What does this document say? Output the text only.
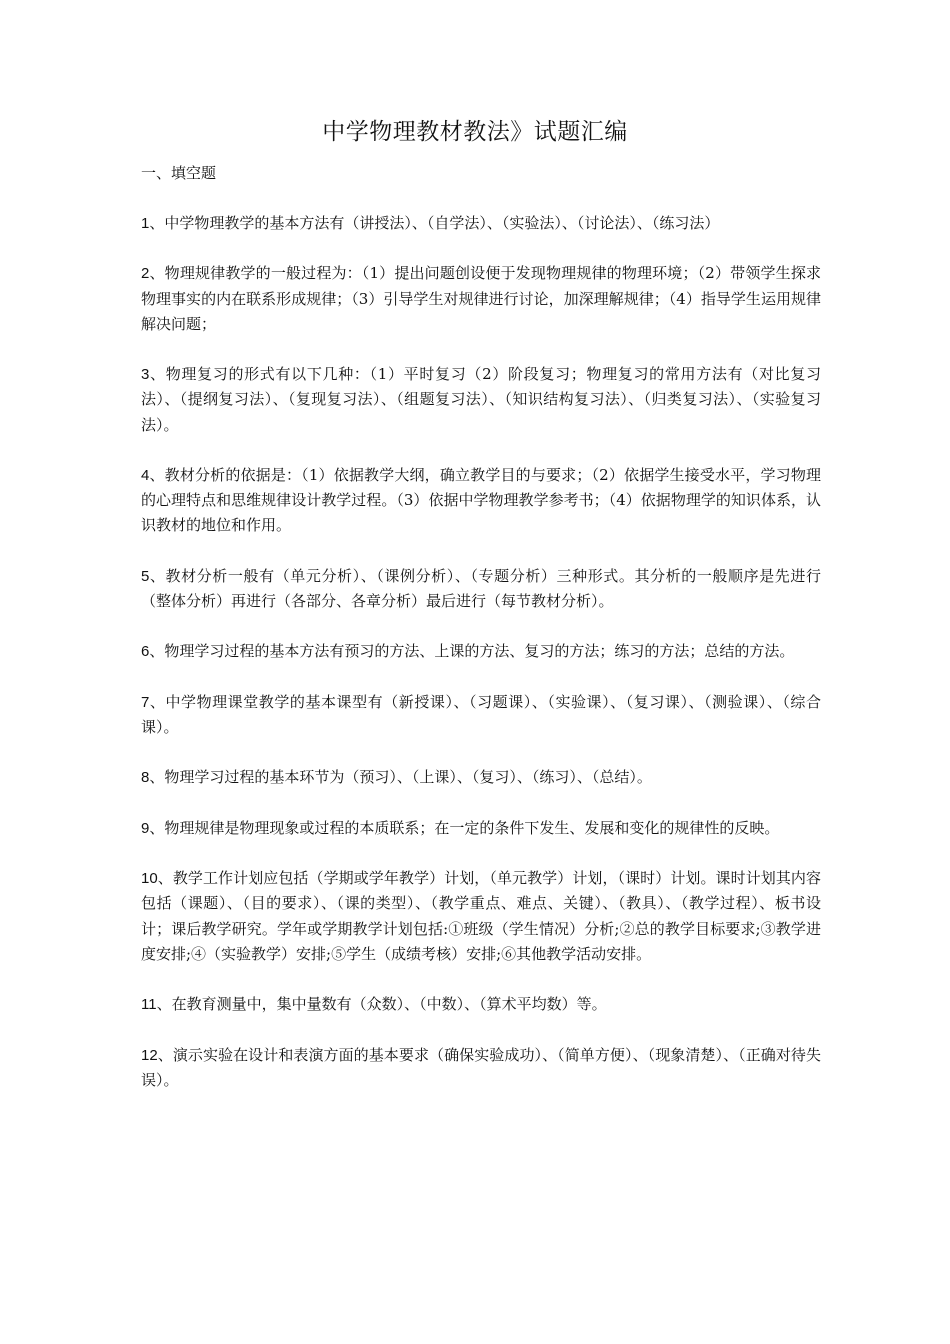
中学物理教材教法》试题汇编
一、填空题
1、中学物理教学的基本方法有（讲授法）、（自学法）、（实验法）、（讨论法）、（练习法）
2、物理规律教学的一般过程为：（1）提出问题创设便于发现物理规律的物理环境；（2）带领学生探求物理事实的内在联系形成规律；（3）引导学生对规律进行讨论，加深理解规律；（4）指导学生运用规律解决问题；
3、物理复习的形式有以下几种：（1）平时复习（2）阶段复习；物理复习的常用方法有（对比复习法）、（提纲复习法）、（复现复习法）、（组题复习法）、（知识结构复习法）、（归类复习法）、（实验复习法）。
4、教材分析的依据是：（1）依据教学大纲，确立教学目的与要求；（2）依据学生接受水平，学习物理的心理特点和思维规律设计教学过程。（3）依据中学物理教学参考书；（4）依据物理学的知识体系，认识教材的地位和作用。
5、教材分析一般有（单元分析）、（课例分析）、（专题分析）三种形式。其分析的一般顺序是先进行（整体分析）再进行（各部分、各章分析）最后进行（每节教材分析）。
6、物理学习过程的基本方法有预习的方法、上课的方法、复习的方法；练习的方法；总结的方法。
7、中学物理课堂教学的基本课型有（新授课）、（习题课）、（实验课）、（复习课）、（测验课）、（综合课）。
8、物理学习过程的基本环节为（预习）、（上课）、（复习）、（练习）、（总结）。
9、物理规律是物理现象或过程的本质联系；在一定的条件下发生、发展和变化的规律性的反映。
10、教学工作计划应包括（学期或学年教学）计划，（单元教学）计划，（课时）计划。课时计划其内容包括（课题）、（目的要求）、（课的类型）、（教学重点、难点、关键）、（教具）、（教学过程）、板书设计；课后教学研究。学年或学期教学计划包括:①班级（学生情况）分析;②总的教学目标要求;③教学进度安排;④（实验教学）安排;⑤学生（成绩考核）安排;⑥其他教学活动安排。
11、在教育测量中，集中量数有（众数）、（中数）、（算术平均数）等。
12、演示实验在设计和表演方面的基本要求（确保实验成功）、（简单方便）、（现象清楚）、（正确对待失误）。
